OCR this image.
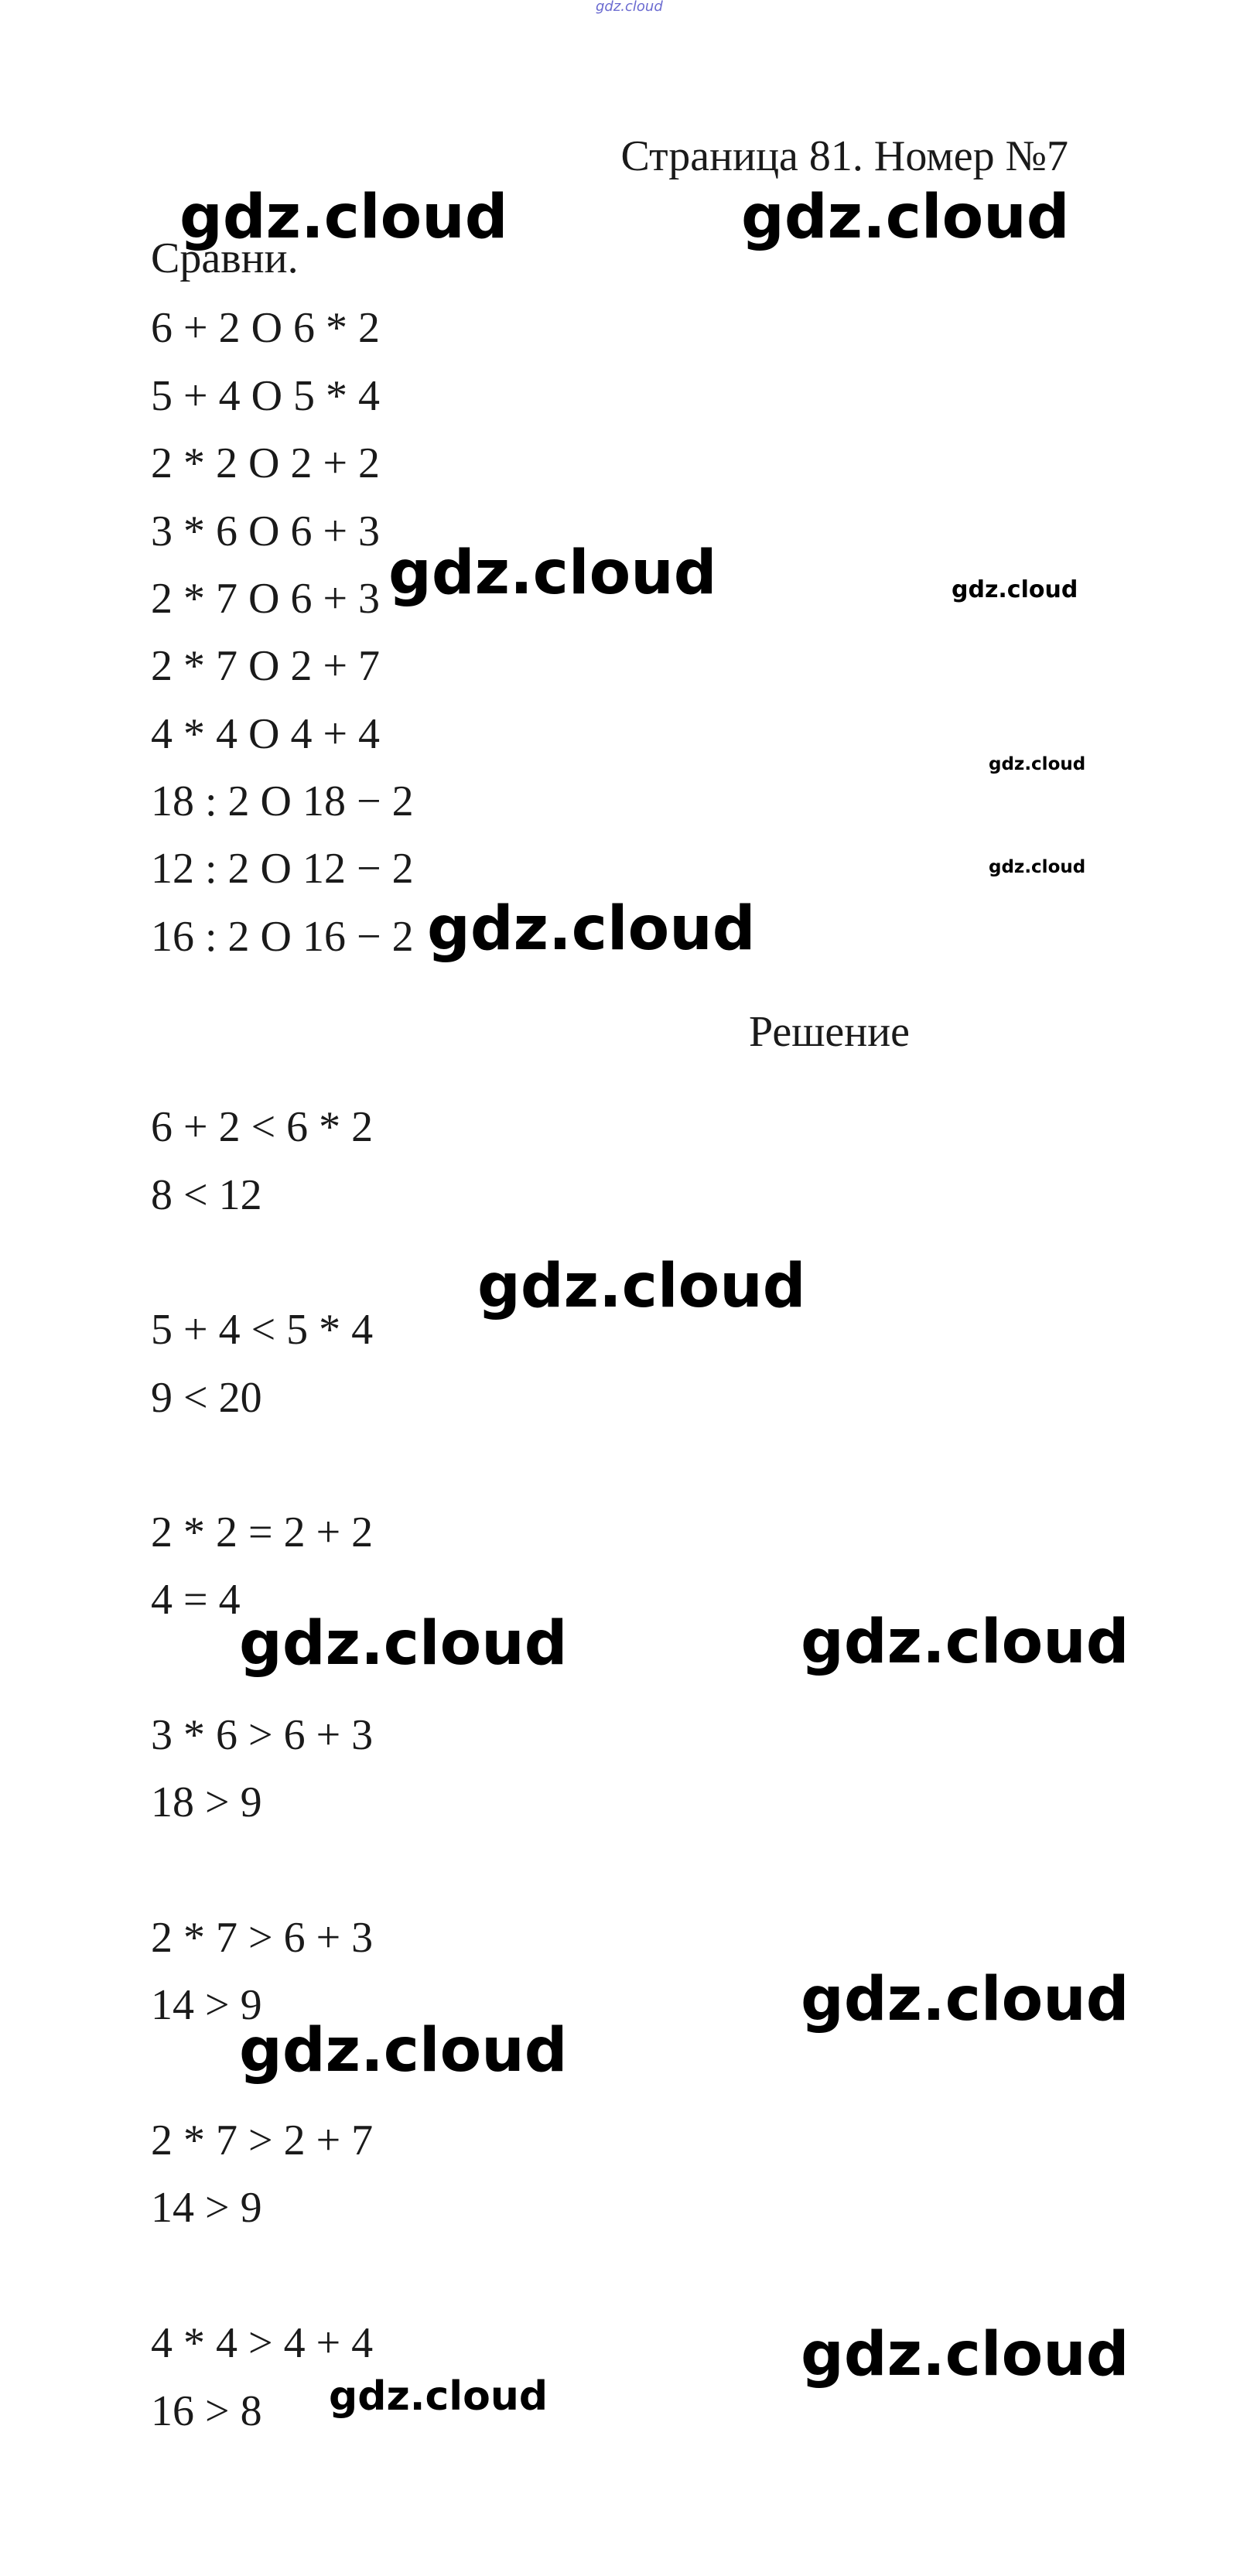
gdz.cloud
Страница 81. Номер №7
Сравни.
6 + 2 О 6 * 2
5 + 4 О 5 * 4
2 * 2 О 2 + 2
3 * 6 О 6 + 3
2 * 7 О 6 + 3
2 * 7 О 2 + 7
4 * 4 О 4 + 4
18 : 2 О 18 − 2
12 : 2 О 12 − 2
16 : 2 О 16 − 2
Решение
6 + 2 < 6 * 2
8 < 12
5 + 4 < 5 * 4
9 < 20
2 * 2 = 2 + 2
4 = 4
3 * 6 > 6 + 3
18 > 9
2 * 7 > 6 + 3
14 > 9
2 * 7 > 2 + 7
14 > 9
4 * 4 > 4 + 4
16 > 8
gdz.cloud	gdz.cloud
gdz.cloud	gdz.cloud
gdz.cloud
gdz.cloud
gdz.cloud
gdz.cloud
gdz.cloud	gdz.cloud
gdz.cloud
gdz.cloud
gdz.cloud
gdz.cloud
